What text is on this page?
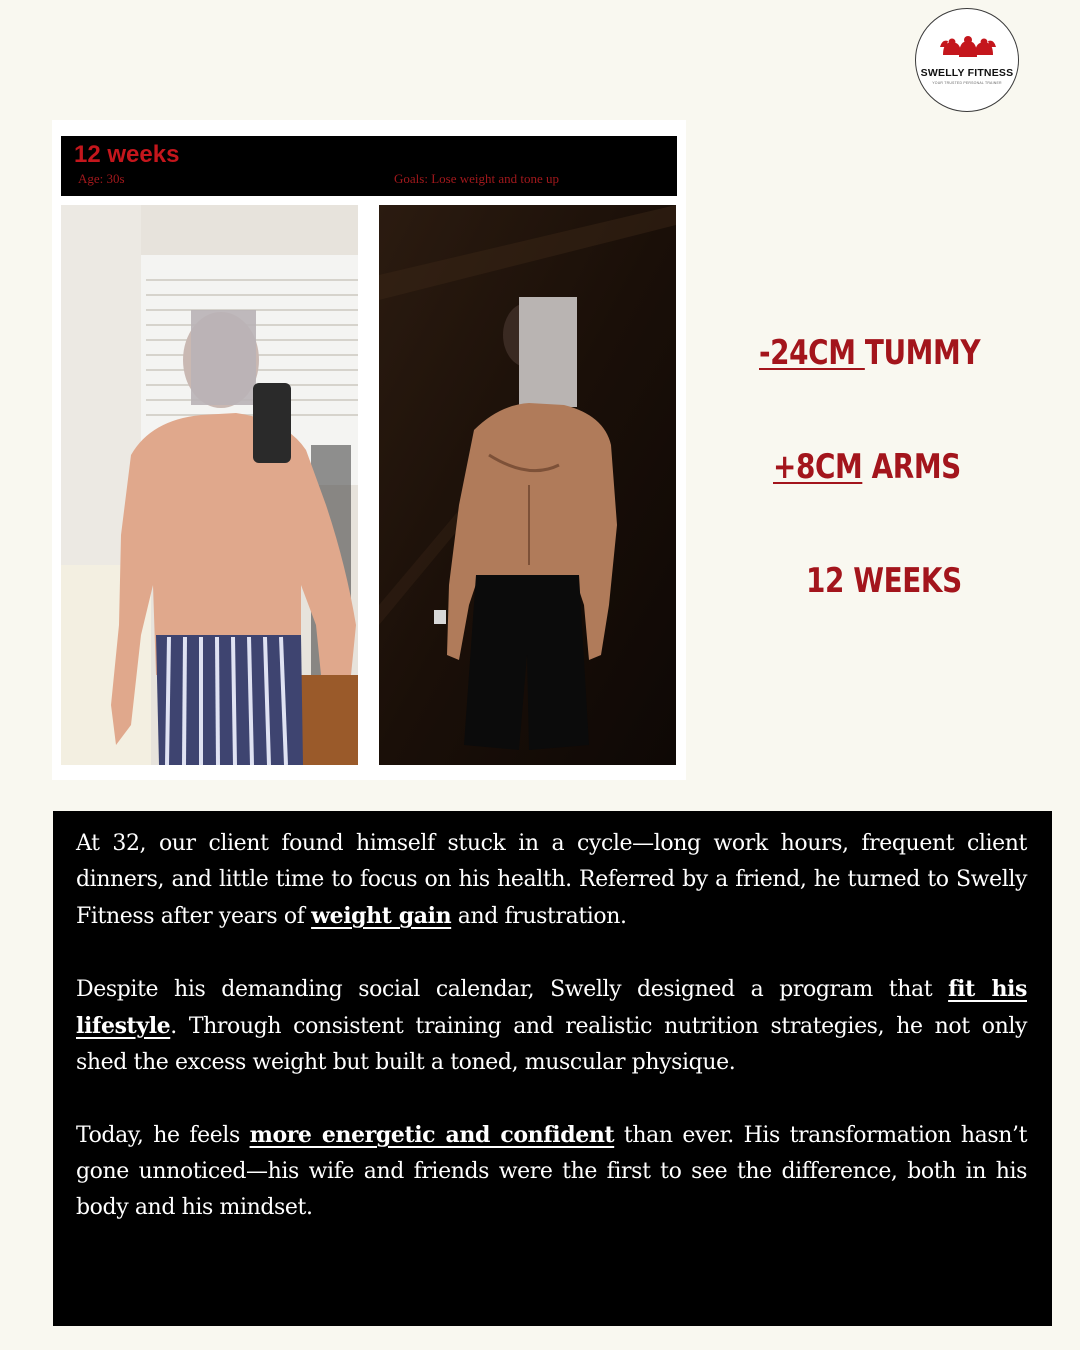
SWELLY FITNESS
YOUR TRUSTED PERSONAL TRAINER
12 weeks
Age: 30s	Goals: Lose weight and tone up
-24CM TUMMY
+8CM ARMS
12 WEEKS

At 32, our client found himself stuck in a cycle—long work hours, frequent client dinners, and little time to focus on his health. Referred by a friend, he turned to Swelly Fitness after years of weight gain and frustration.

Despite his demanding social calendar, Swelly designed a program that fit his lifestyle. Through consistent training and realistic nutrition strategies, he not only shed the excess weight but built a toned, muscular physique.

Today, he feels more energetic and confident than ever. His transformation hasn’t gone unnoticed—his wife and friends were the first to see the difference, both in his body and his mindset.
